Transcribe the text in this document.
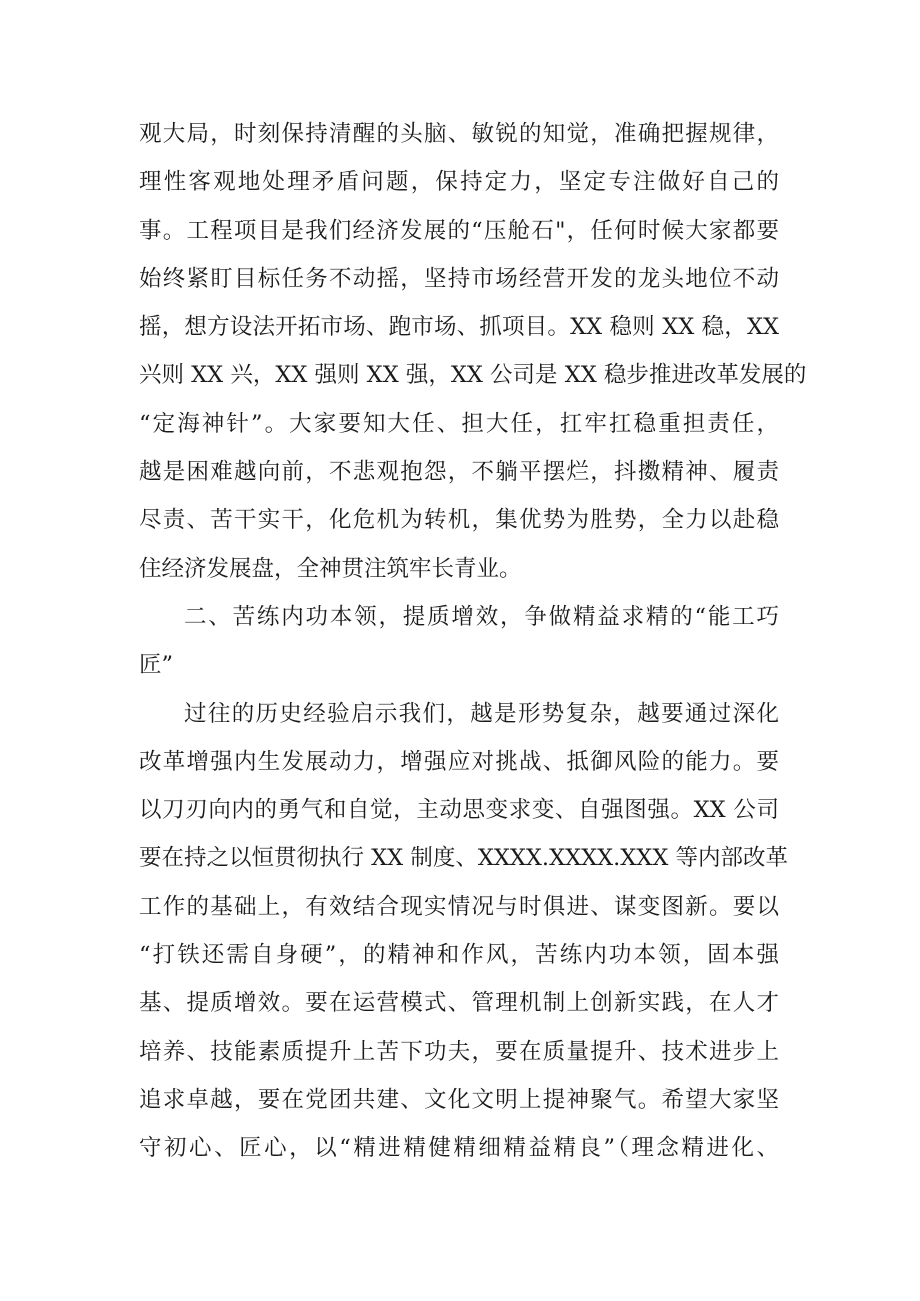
观大局，时刻保持清醒的头脑、敏锐的知觉，准确把握规律，
理性客观地处理矛盾问题，保持定力，坚定专注做好自己的
事。工程项目是我们经济发展的“压舱石"，任何时候大家都要
始终紧盯目标任务不动摇，坚持市场经营开发的龙头地位不动
摇，想方设法开拓市场、跑市场、抓项目。XX 稳则 XX 稳，XX
兴则 XX 兴，XX 强则 XX 强，XX 公司是 XX 稳步推进改革发展的
“定海神针”。大家要知大任、担大任，扛牢扛稳重担责任，
越是困难越向前，不悲观抱怨，不躺平摆烂，抖擞精神、履责
尽责、苦干实干，化危机为转机，集优势为胜势，全力以赴稳
住经济发展盘，全神贯注筑牢长青业。
二、苦练内功本领，提质增效，争做精益求精的“能工巧
匠”
过往的历史经验启示我们，越是形势复杂，越要通过深化
改革增强内生发展动力，增强应对挑战、抵御风险的能力。要
以刀刃向内的勇气和自觉，主动思变求变、自强图强。XX 公司
要在持之以恒贯彻执行 XX 制度、XXXX.XXXX.XXX 等内部改革
工作的基础上，有效结合现实情况与时俱进、谋变图新。要以
“打铁还需自身硬”，的精神和作风，苦练内功本领，固本强
基、提质增效。要在运营模式、管理机制上创新实践，在人才
培养、技能素质提升上苦下功夫，要在质量提升、技术进步上
追求卓越，要在党团共建、文化文明上提神聚气。希望大家坚
守初心、匠心，以“精进精健精细精益精良”（理念精进化、
